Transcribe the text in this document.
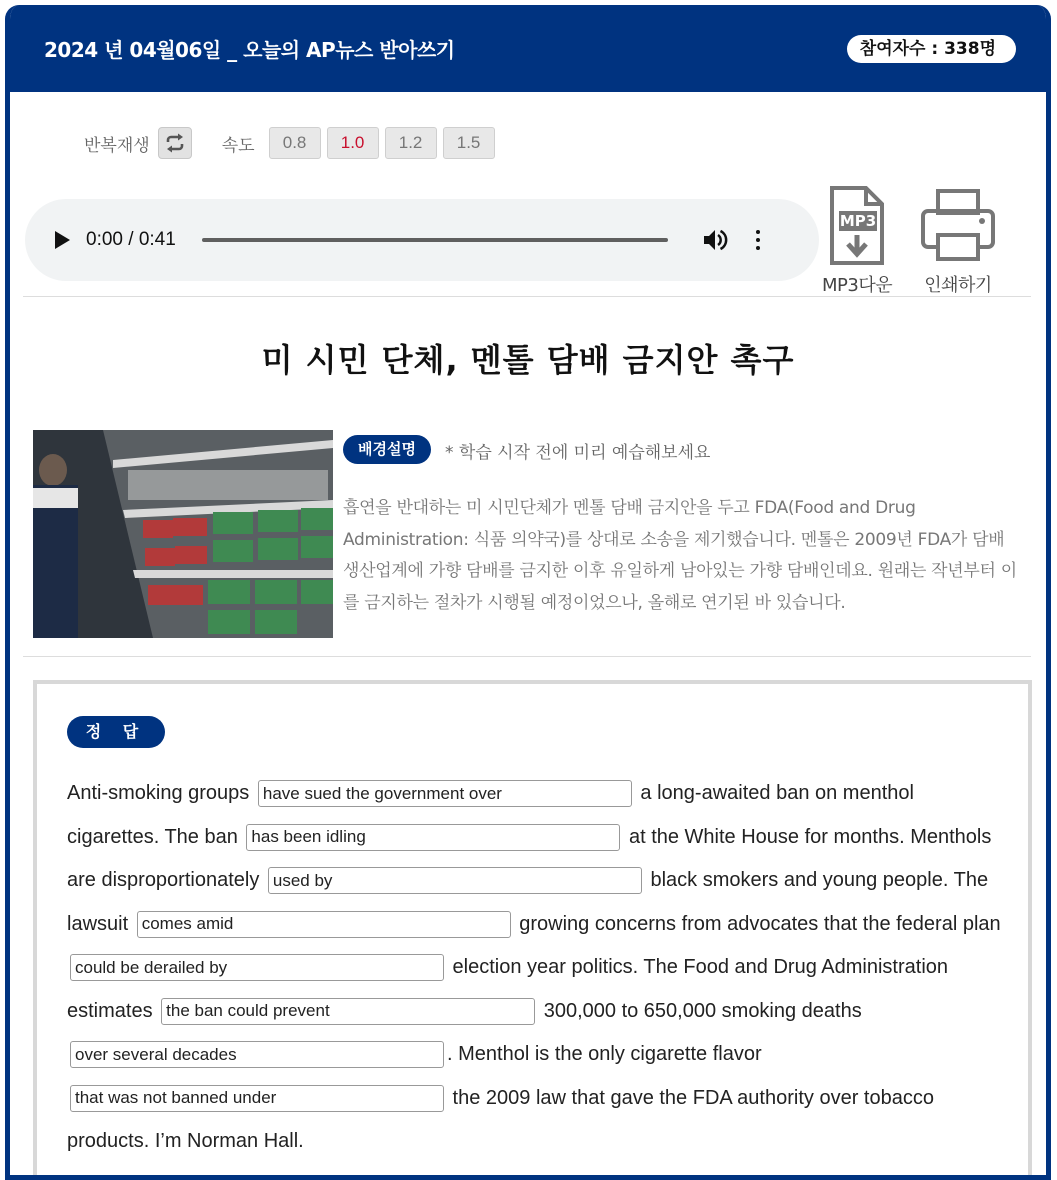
2024 년 04월06일 _ 오늘의 AP뉴스 받아쓰기	참여자수 : 338명
반복재생	속도	0.8	1.0	1.2	1.5
0:00 / 0:41
MP3
MP3다운 인쇄하기
미 시민 단체, 멘톨 담배 금지안 촉구
배경설명	* 학습 시작 전에 미리 예습해보세요
흡연을 반대하는 미 시민단체가 멘톨 담배 금지안을 두고 FDA(Food and Drug Administration: 식품 의약국)를 상대로 소송을 제기했습니다. 멘톨은 2009년 FDA가 담배 생산업계에 가향 담배를 금지한 이후 유일하게 남아있는 가향 담배인데요. 원래는 작년부터 이를 금지하는 절차가 시행될 예정이었으나, 올해로 연기된 바 있습니다.
정 답
Anti-smoking groups have sued the government over	a long-awaited ban on menthol cigarettes. The ban has been idling	at the White House for months. Menthols are disproportionately used by	black smokers and young people. The lawsuit comes amid	growing concerns from advocates that the federal plan could be derailed by election year politics. The Food and Drug Administration estimates the ban could prevent	300,000 to 650,000 smoking deaths over several decades. Menthol is the only cigarette flavor that was not banned under the 2009 law that gave the FDA authority over tobacco products. I’m Norman Hall.
